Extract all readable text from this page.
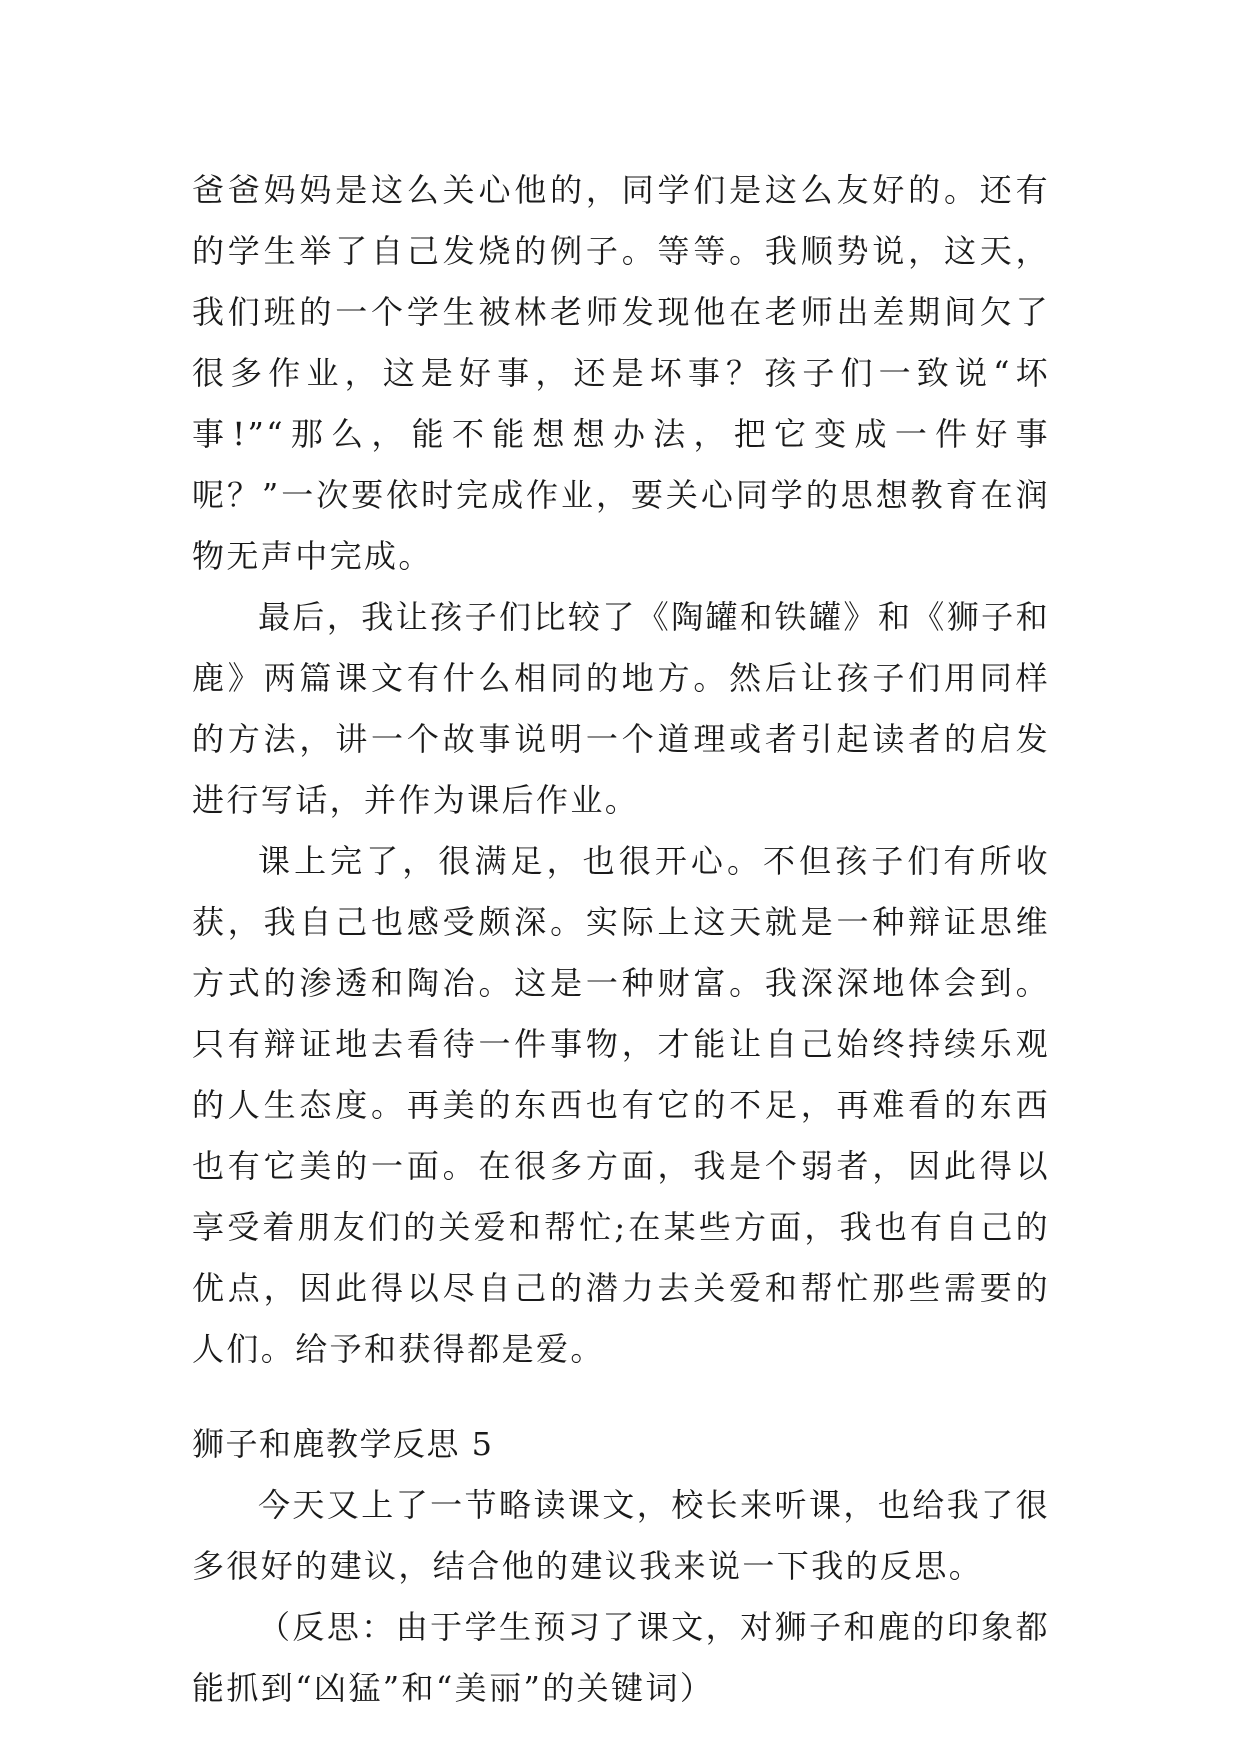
爸爸妈妈是这么关心他的，同学们是这么友好的。还有的学生举了自己发烧的例子。等等。我顺势说，这天，我们班的一个学生被林老师发现他在老师出差期间欠了很多作业，这是好事，还是坏事？孩子们一致说“坏事!”“那么，能不能想想办法，把它变成一件好事呢？”一次要依时完成作业，要关心同学的思想教育在润物无声中完成。

最后，我让孩子们比较了《陶罐和铁罐》和《狮子和鹿》两篇课文有什么相同的地方。然后让孩子们用同样的方法，讲一个故事说明一个道理或者引起读者的启发进行写话，并作为课后作业。

课上完了，很满足，也很开心。不但孩子们有所收获，我自己也感受颇深。实际上这天就是一种辩证思维方式的渗透和陶冶。这是一种财富。我深深地体会到。只有辩证地去看待一件事物，才能让自己始终持续乐观的人生态度。再美的东西也有它的不足，再难看的东西也有它美的一面。在很多方面，我是个弱者，因此得以享受着朋友们的关爱和帮忙;在某些方面，我也有自己的优点，因此得以尽自己的潜力去关爱和帮忙那些需要的人们。给予和获得都是爱。

狮子和鹿教学反思 5

今天又上了一节略读课文，校长来听课，也给我了很多很好的建议，结合他的建议我来说一下我的反思。

（反思：由于学生预习了课文，对狮子和鹿的印象都能抓到“凶猛”和“美丽”的关键词）
